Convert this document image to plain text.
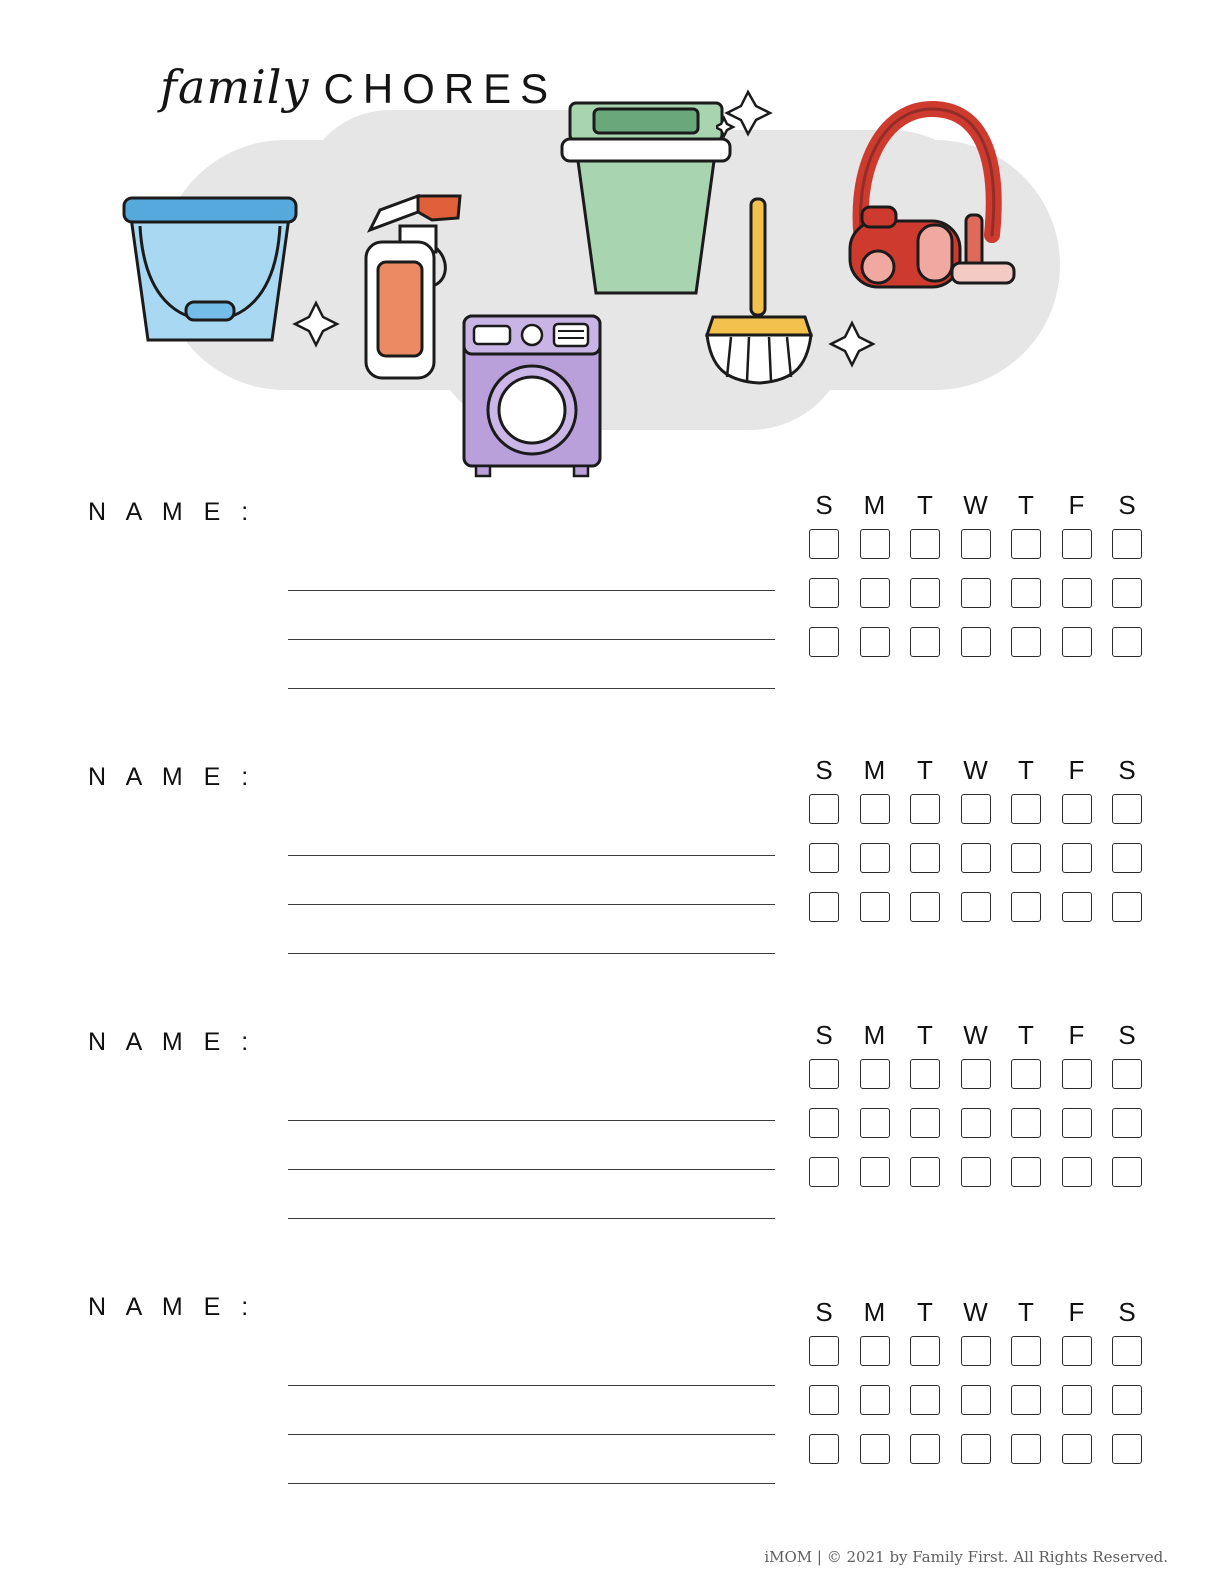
family CHORES
N A M E :	S	M	T	W	T	F	S
N A M E :	S	M	T	W	T	F	S
N A M E :	S	M	T	W	T	F	S
N A M E :	S	M	T	W	T	F	S
iMOM | © 2021 by Family First. All Rights Reserved.
